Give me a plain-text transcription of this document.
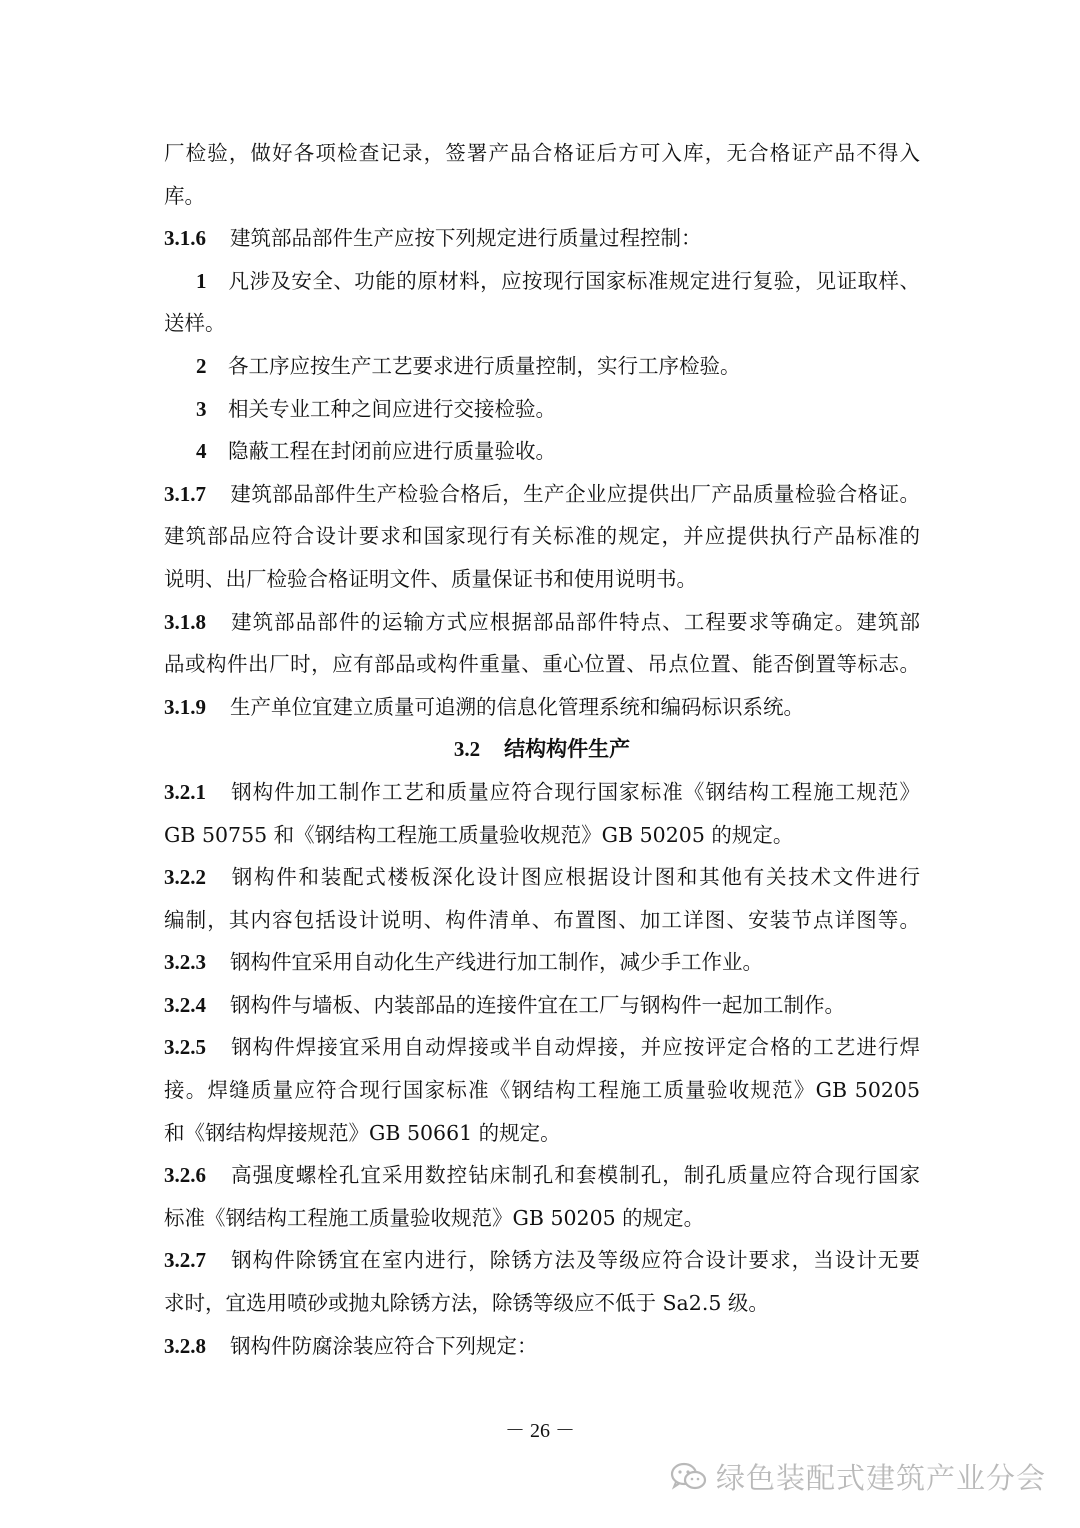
厂检验，做好各项检查记录，签署产品合格证后方可入库，无合格证产品不得入
库。
3.1.6 建筑部品部件生产应按下列规定进行质量过程控制：
1 凡涉及安全、功能的原材料，应按现行国家标准规定进行复验，见证取样、
送样。
2 各工序应按生产工艺要求进行质量控制，实行工序检验。
3 相关专业工种之间应进行交接检验。
4 隐蔽工程在封闭前应进行质量验收。
3.1.7 建筑部品部件生产检验合格后，生产企业应提供出厂产品质量检验合格证。
建筑部品应符合设计要求和国家现行有关标准的规定，并应提供执行产品标准的
说明、出厂检验合格证明文件、质量保证书和使用说明书。
3.1.8 建筑部品部件的运输方式应根据部品部件特点、工程要求等确定。建筑部
品或构件出厂时，应有部品或构件重量、重心位置、吊点位置、能否倒置等标志。
3.1.9 生产单位宜建立质量可追溯的信息化管理系统和编码标识系统。
3.2 结构构件生产
3.2.1 钢构件加工制作工艺和质量应符合现行国家标准《钢结构工程施工规范》
GB 50755 和《钢结构工程施工质量验收规范》GB 50205 的规定。
3.2.2 钢构件和装配式楼板深化设计图应根据设计图和其他有关技术文件进行
编制，其内容包括设计说明、构件清单、布置图、加工详图、安装节点详图等。
3.2.3 钢构件宜采用自动化生产线进行加工制作，减少手工作业。
3.2.4 钢构件与墙板、内装部品的连接件宜在工厂与钢构件一起加工制作。
3.2.5 钢构件焊接宜采用自动焊接或半自动焊接，并应按评定合格的工艺进行焊
接。焊缝质量应符合现行国家标准《钢结构工程施工质量验收规范》GB 50205
和《钢结构焊接规范》GB 50661 的规定。
3.2.6 高强度螺栓孔宜采用数控钻床制孔和套模制孔，制孔质量应符合现行国家
标准《钢结构工程施工质量验收规范》GB 50205 的规定。
3.2.7 钢构件除锈宜在室内进行，除锈方法及等级应符合设计要求，当设计无要
求时，宜选用喷砂或抛丸除锈方法，除锈等级应不低于 Sa2.5 级。
3.2.8 钢构件防腐涂装应符合下列规定：
－ 26 －
绿色装配式建筑产业分会
